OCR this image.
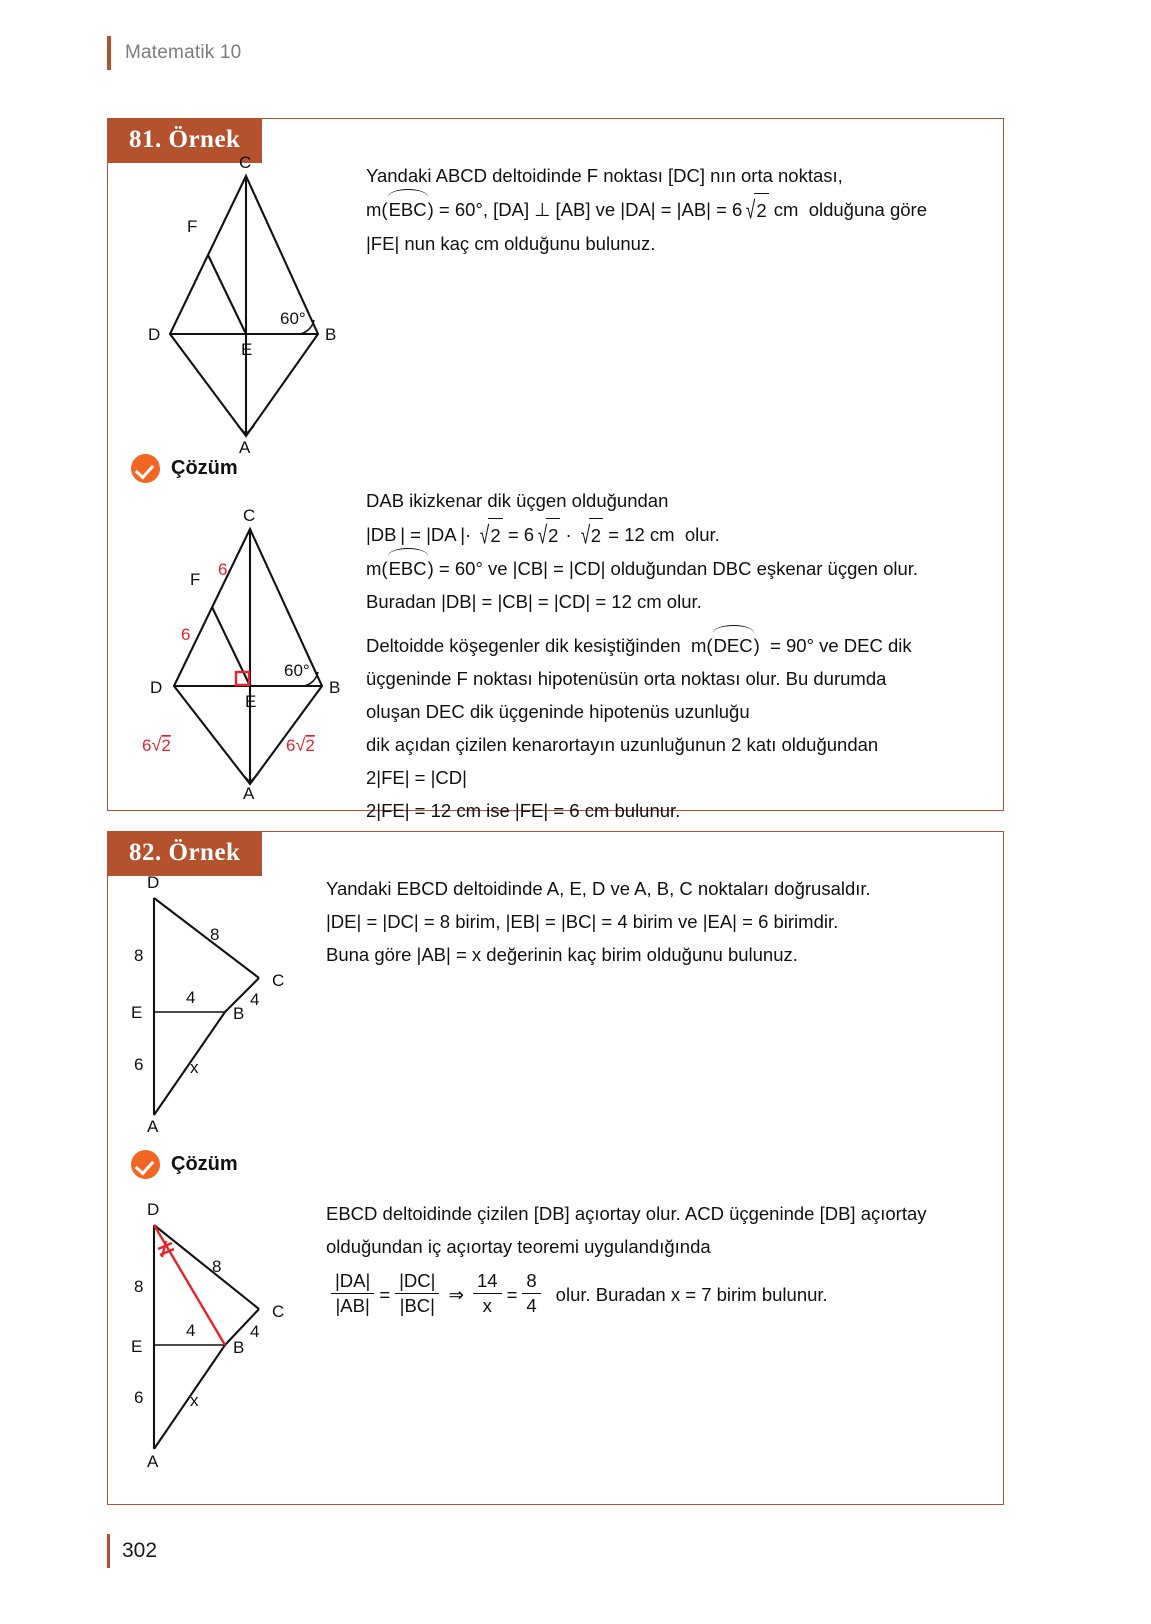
Matematik 10
81. Örnek
C
F
D
E
B
A
60°

Yandaki ABCD deltoidinde F noktası [DC] nın orta noktası,

m(EBC) = 60°, [DA] ⊥ [AB] ve |DA| = |AB| = 6 √2 cm  olduğuna göre

|FE| nun kaç cm olduğunu bulunuz.

Çözüm
C
F
D
E
B
A
60°
6
6
6√2	6√2

DAB ikizkenar dik üçgen olduğundan

|DB | = |DA |· √2 = 6 √2 · √2 = 12 cm  olur.

m(EBC) = 60° ve |CB| = |CD| olduğundan DBC eşkenar üçgen olur.

Buradan |DB| = |CB| = |CD| = 12 cm olur.

Deltoidde köşegenler dik kesiştiğinden  m(DEC)  = 90° ve DEC dik

üçgeninde F noktası hipotenüsün orta noktası olur. Bu durumda

oluşan DEC dik üçgeninde hipotenüs uzunluğu

dik açıdan çizilen kenarortayın uzunluğunun 2 katı olduğundan

2|FE| = |CD|

2|FE| = 12 cm ise |FE| = 6 cm bulunur.

82. Örnek
D
C
E	B
A
8
8
4
4
6	x

Yandaki EBCD deltoidinde A, E, D ve A, B, C noktaları doğrusaldır.

|DE| = |DC| = 8 birim, |EB| = |BC| = 4 birim ve |EA| = 6 birimdir.

Buna göre |AB| = x değerinin kaç birim olduğunu bulunuz.

Çözüm
D
C
E	B
A
8
8
4
4
6	x

EBCD deltoidinde çizilen [DB] açıortay olur. ACD üçgeninde [DB] açıortay

olduğundan iç açıortay teoremi uygulandığında

$\frac{|DA|}{|AB|} = \frac{|DC|}{|BC|}$ ⇒ $\frac{14}{x} = \frac{8}{4}$ olur. Buradan x = 7 birim bulunur.

302
